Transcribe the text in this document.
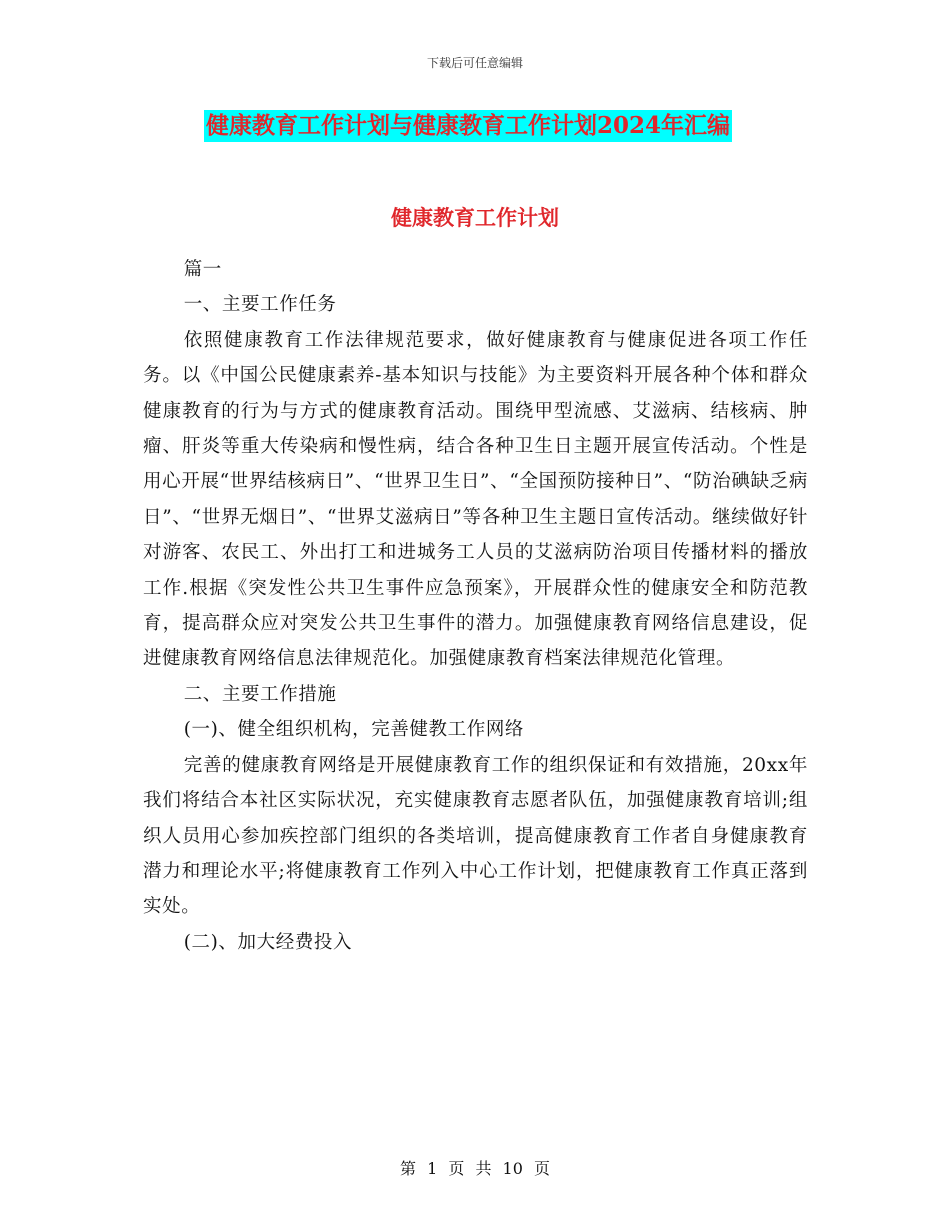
下载后可任意编辑
健康教育工作计划与健康教育工作计划2024年汇编
健康教育工作计划

篇一

一、主要工作任务

依照健康教育工作法律规范要求，做好健康教育与健康促进各项工作任务。以《中国公民健康素养-基本知识与技能》为主要资料开展各种个体和群众健康教育的行为与方式的健康教育活动。围绕甲型流感、艾滋病、结核病、肿瘤、肝炎等重大传染病和慢性病，结合各种卫生日主题开展宣传活动。个性是用心开展“世界结核病日”、“世界卫生日”、“全国预防接种日”、“防治碘缺乏病日”、“世界无烟日”、“世界艾滋病日”等各种卫生主题日宣传活动。继续做好针对游客、农民工、外出打工和进城务工人员的艾滋病防治项目传播材料的播放工作.根据《突发性公共卫生事件应急预案》，开展群众性的健康安全和防范教育，提高群众应对突发公共卫生事件的潜力。加强健康教育网络信息建设，促进健康教育网络信息法律规范化。加强健康教育档案法律规范化管理。

二、主要工作措施

(一)、健全组织机构，完善健教工作网络

完善的健康教育网络是开展健康教育工作的组织保证和有效措施，20xx年我们将结合本社区实际状况，充实健康教育志愿者队伍，加强健康教育培训;组织人员用心参加疾控部门组织的各类培训，提高健康教育工作者自身健康教育潜力和理论水平;将健康教育工作列入中心工作计划，把健康教育工作真正落到实处。

(二)、加大经费投入

第 1 页 共 10 页
